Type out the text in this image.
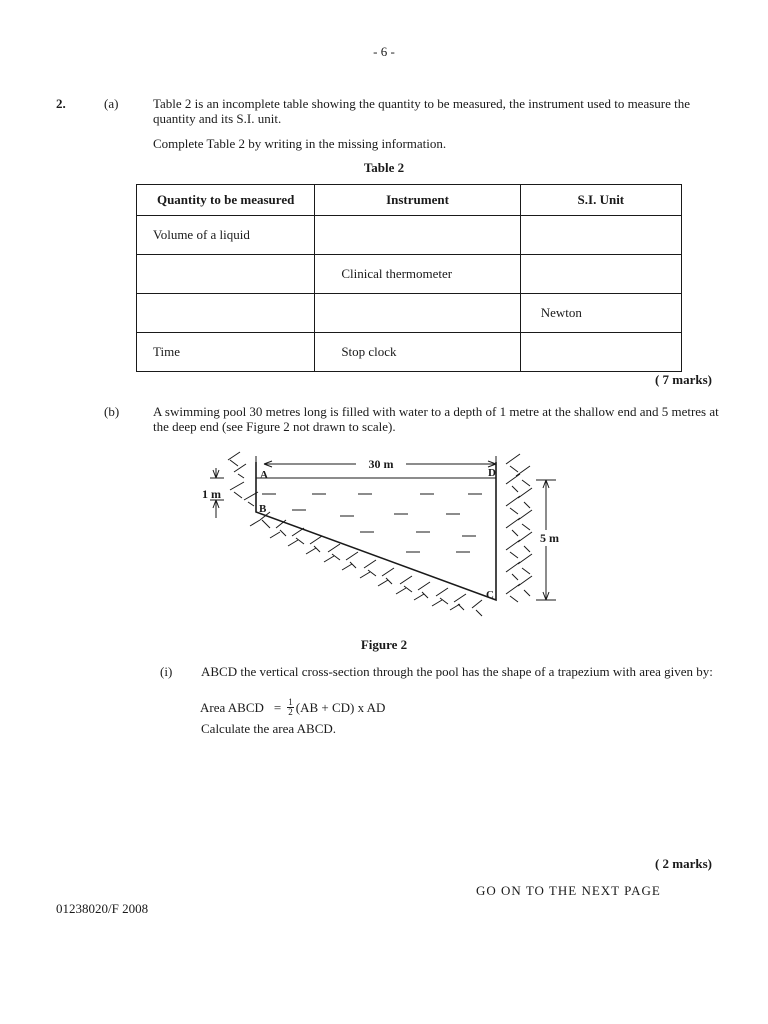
- 6 -
2.	(a)	Table 2 is an incomplete table showing the quantity to be measured, the instrument used to measure the quantity and its S.I. unit.
Complete Table 2 by writing in the missing information.
Table 2
Quantity to be measured	Instrument	S.I. Unit

Volume of a liquid		

	Clinical thermometer	

		Newton

Time	Stop clock	

( 7 marks)
(b)	A swimming pool 30 metres long is filled with water to a depth of 1 metre at the shallow end and 5 metres at the deep end (see Figure 2 not drawn to scale).
30 m
1 m
5 m
A
B
C
D
Figure 2
(i) ABCD the vertical cross-section through the pool has the shape of a trapezium with area given by:
Area ABCD = $\frac{1}{2} (AB + CD)$ x AD
Calculate the area ABCD.
( 2 marks)
GO ON TO THE NEXT PAGE
01238020/F 2008
